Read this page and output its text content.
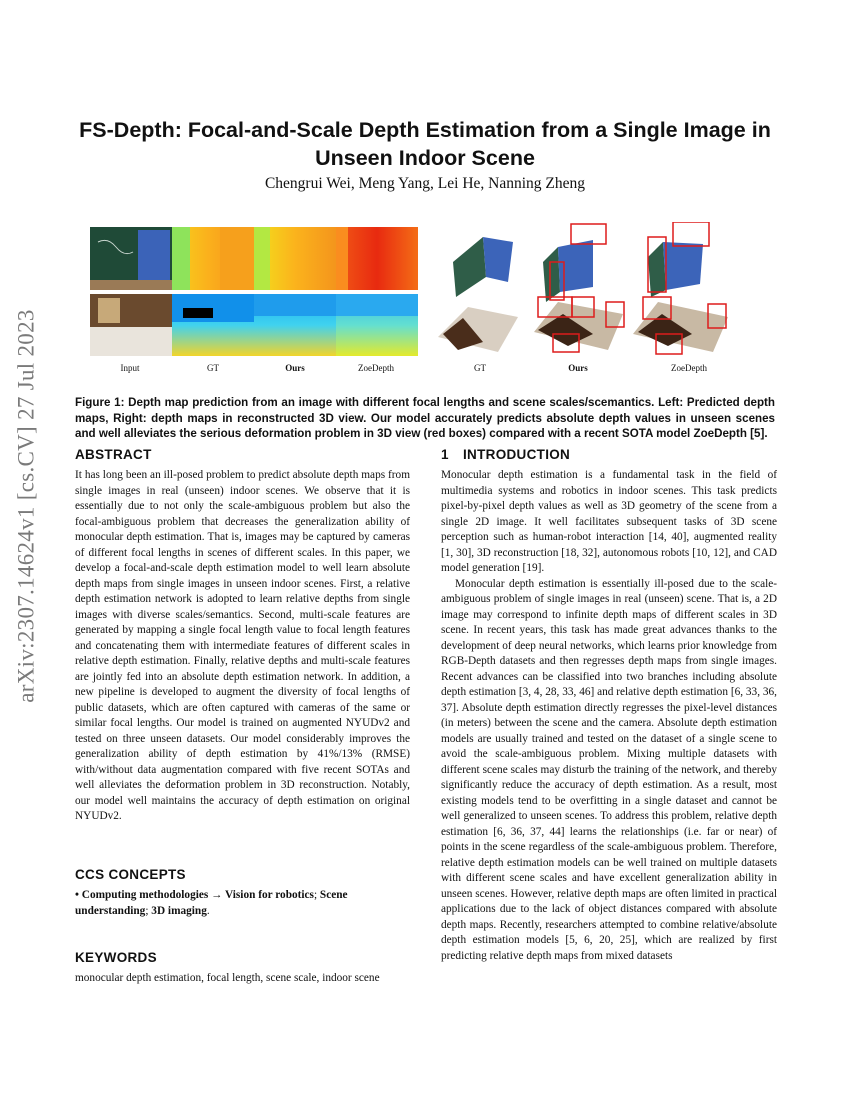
arXiv:2307.14624v1 [cs.CV] 27 Jul 2023
FS-Depth: Focal-and-Scale Depth Estimation from a Single Image in Unseen Indoor Scene
Chengrui Wei, Meng Yang, Lei He, Nanning Zheng
Input	GT	Ours	ZoeDepth	GT	Ours	ZoeDepth
Figure 1: Depth map prediction from an image with different focal lengths and scene scales/scemantics. Left: Predicted depth maps, Right: depth maps in reconstructed 3D view. Our model accurately predicts absolute depth values in unseen scenes and well alleviates the serious deformation problem in 3D view (red boxes) compared with a recent SOTA model ZoeDepth [5].
ABSTRACT

It has long been an ill-posed problem to predict absolute depth maps from single images in real (unseen) indoor scenes. We observe that it is essentially due to not only the scale-ambiguous problem but also the focal-ambiguous problem that decreases the generalization ability of monocular depth estimation. That is, images may be captured by cameras of different focal lengths in scenes of different scales. In this paper, we develop a focal-and-scale depth estimation model to well learn absolute depth maps from single images in unseen indoor scenes. First, a relative depth estimation network is adopted to learn relative depths from single images with diverse scales/semantics. Second, multi-scale features are generated by mapping a single focal length value to focal length features and concatenating them with intermediate features of different scales in relative depth estimation. Finally, relative depths and multi-scale features are jointly fed into an absolute depth estimation network. In addition, a new pipeline is developed to augment the diversity of focal lengths of public datasets, which are often captured with cameras of the same or similar focal lengths. Our model is trained on augmented NYUDv2 and tested on three unseen datasets. Our model considerably improves the generalization ability of depth estimation by 41%/13% (RMSE) with/without data augmentation compared with five recent SOTAs and well alleviates the deformation problem in 3D reconstruction. Notably, our model well maintains the accuracy of depth estimation on original NYUDv2.

CCS CONCEPTS

• Computing methodologies → Vision for robotics; Scene understanding; 3D imaging.

KEYWORDS

monocular depth estimation, focal length, scene scale, indoor scene

1 INTRODUCTION

Monocular depth estimation is a fundamental task in the field of multimedia systems and robotics in indoor scenes. This task predicts pixel-by-pixel depth values as well as 3D geometry of the scene from a single 2D image. It well facilitates subsequent tasks of 3D scene perception such as human-robot interaction [14, 40], augmented reality [1, 30], 3D reconstruction [18, 32], autonomous robots [10, 12], and CAD model generation [19].

Monocular depth estimation is essentially ill-posed due to the scale-ambiguous problem of single images in real (unseen) scene. That is, a 2D image may correspond to infinite depth maps of different scales in 3D scene. In recent years, this task has made great advances thanks to the development of deep neural networks, which learns prior knowledge from RGB-Depth datasets and then regresses depth maps from single images. Recent advances can be classified into two branches including absolute depth estimation [3, 4, 28, 33, 46] and relative depth estimation [6, 33, 36, 37]. Absolute depth estimation directly regresses the pixel-level distances (in meters) between the scene and the camera. Absolute depth estimation models are usually trained and tested on the dataset of a single scene to avoid the scale-ambiguous problem. Mixing multiple datasets with different scene scales may disturb the training of the network, and thereby significantly reduce the accuracy of depth estimation. As a result, most existing models tend to be overfitting in a single dataset and cannot be well generalized to unseen scenes. To address this problem, relative depth estimation [6, 36, 37, 44] learns the relationships (i.e. far or near) of points in the scene regardless of the scale-ambiguous problem. Therefore, relative depth estimation models can be well trained on multiple datasets with different scene scales and have excellent generalization ability in unseen scenes. However, relative depth maps are often limited in practical applications due to the lack of object distances compared with absolute depth maps. Recently, researchers attempted to combine relative/absolute depth estimation models [5, 6, 20, 25], which are realized by first predicting relative depth maps from mixed datasets
